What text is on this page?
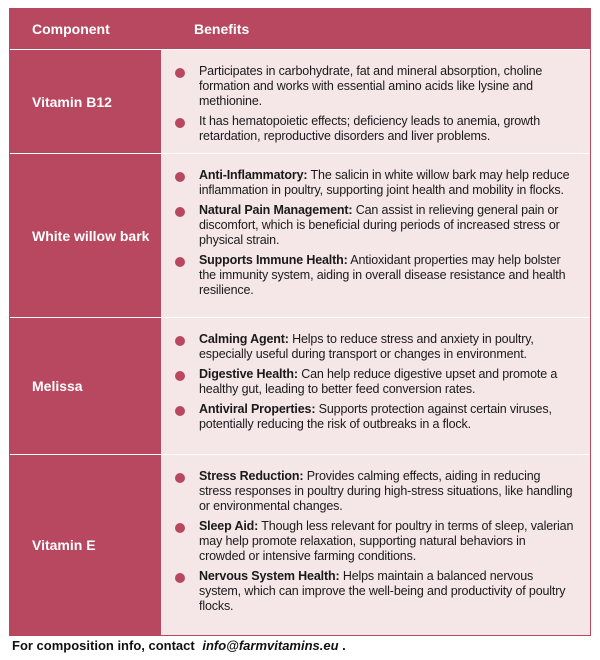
Component	Benefits
Vitamin B12
Participates in carbohydrate, fat and mineral absorption, choline formation and works with essential amino acids like lysine and methionine.
It has hematopoietic effects; deficiency leads to anemia, growth retardation, reproductive disorders and liver problems.
White willow bark
Anti-Inflammatory: The salicin in white willow bark may help reduce inflammation in poultry, supporting joint health and mobility in flocks.
Natural Pain Management: Can assist in relieving general pain or discomfort, which is beneficial during periods of increased stress or physical strain.
Supports Immune Health: Antioxidant properties may help bolster the immunity system, aiding in overall disease resistance and health resilience.
Melissa
Calming Agent: Helps to reduce stress and anxiety in poultry, especially useful during transport or changes in environment.
Digestive Health: Can help reduce digestive upset and promote a healthy gut, leading to better feed conversion rates.
Antiviral Properties: Supports protection against certain viruses, potentially reducing the risk of outbreaks in a flock.
Vitamin E
Stress Reduction: Provides calming effects, aiding in reducing stress responses in poultry during high-stress situations, like handling or environmental changes.
Sleep Aid: Though less relevant for poultry in terms of sleep, valerian may help promote relaxation, supporting natural behaviors in crowded or intensive farming conditions.
Nervous System Health: Helps maintain a balanced nervous system, which can improve the well-being and productivity of poultry flocks.
For composition info, contact info@farmvitamins.eu .
